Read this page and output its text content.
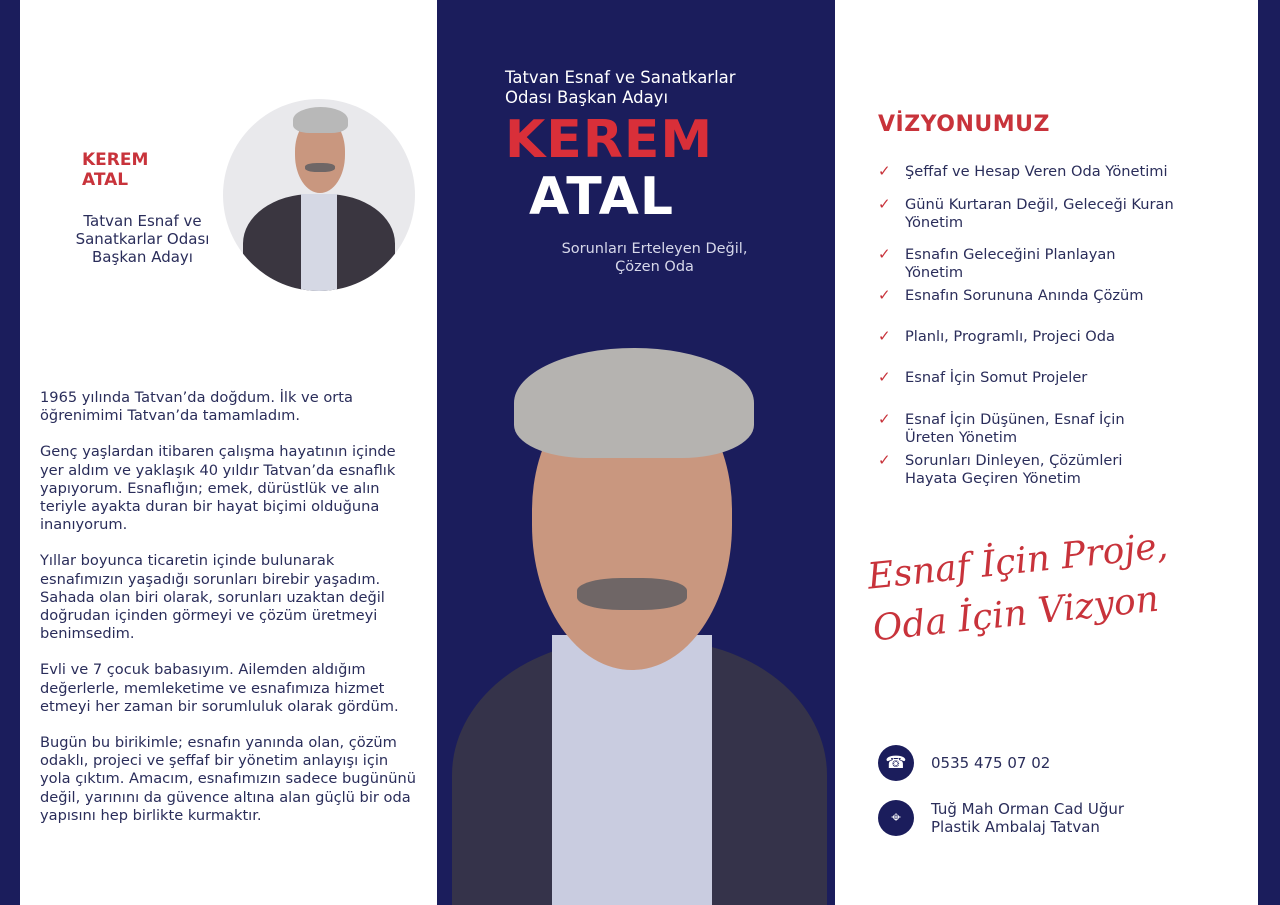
KEREM
ATAL
Tatvan Esnaf ve Sanatkarlar Odası Başkan Adayı

1965 yılında Tatvan’da doğdum. İlk ve orta öğrenimimi Tatvan’da tamamladım.

Genç yaşlardan itibaren çalışma hayatının içinde yer aldım ve yaklaşık 40 yıldır Tatvan’da esnaflık yapıyorum. Esnaflığın; emek, dürüstlük ve alın teriyle ayakta duran bir hayat biçimi olduğuna inanıyorum.

Yıllar boyunca ticaretin içinde bulunarak esnafımızın yaşadığı sorunları birebir yaşadım. Sahada olan biri olarak, sorunları uzaktan değil doğrudan içinden görmeyi ve çözüm üretmeyi benimsedim.

Evli ve 7 çocuk babasıyım. Ailemden aldığım değerlerle, memleketime ve esnafımıza hizmet etmeyi her zaman bir sorumluluk olarak gördüm.

Bugün bu birikimle; esnafın yanında olan, çözüm odaklı, projeci ve şeffaf bir yönetim anlayışı için yola çıktım. Amacım, esnafımızın sadece bugününü değil, yarınını da güvence altına alan güçlü bir oda yapısını hep birlikte kurmaktır.

Tatvan Esnaf ve Sanatkarlar Odası Başkan Adayı
KEREM
ATAL
Sorunları Erteleyen Değil, Çözen Oda
VİZYONUMUZ
✓ Şeffaf ve Hesap Veren Oda Yönetimi
✓ Günü Kurtaran Değil, Geleceği Kuran Yönetim
✓ Esnafın Geleceğini Planlayan Yönetim
✓ Esnafın Sorununa Anında Çözüm
✓ Planlı, Programlı, Projeci Oda
✓ Esnaf İçin Somut Projeler
✓ Esnaf İçin Düşünen, Esnaf İçin Üreten Yönetim
✓ Sorunları Dinleyen, Çözümleri Hayata Geçiren Yönetim
Esnaf İçin Proje,
Oda İçin Vizyon
☎	0535 475 07 02
⌖	Tuğ Mah Orman Cad Uğur Plastik Ambalaj Tatvan
